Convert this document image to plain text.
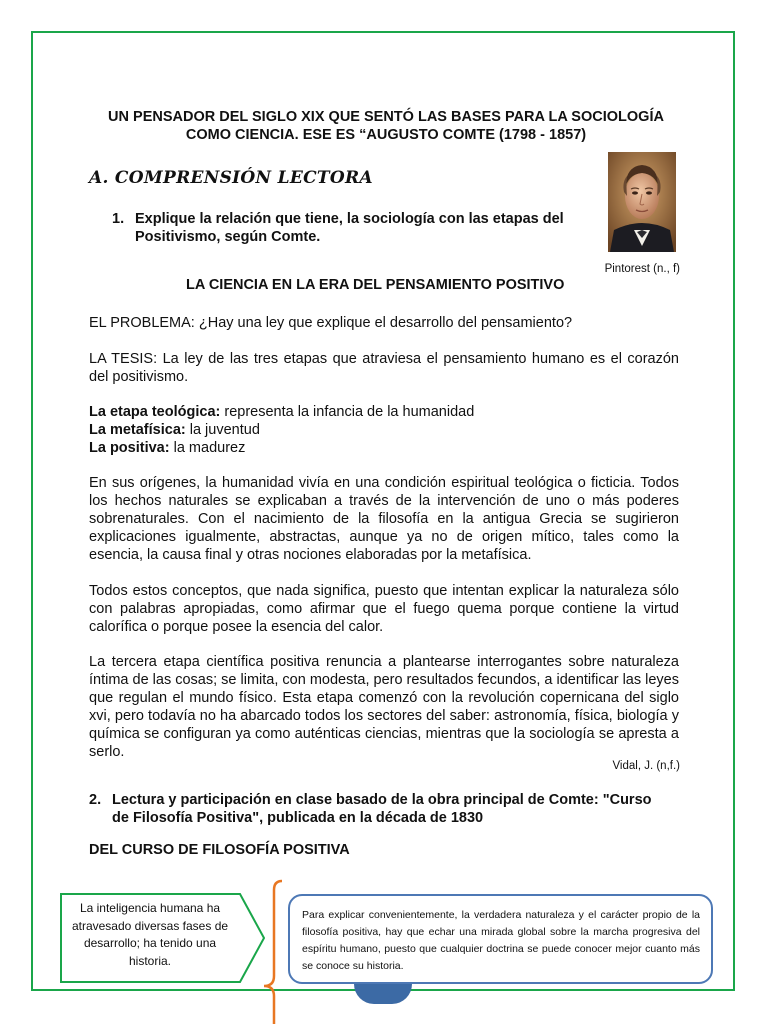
UN PENSADOR DEL SIGLO XIX QUE SENTÓ LAS BASES PARA LA SOCIOLOGÍA
COMO CIENCIA. ESE ES “AUGUSTO COMTE (1798 - 1857)
A. COMPRENSIÓN LECTORA
Pintorest (n., f)
1. Explique la relación que tiene, la sociología con las etapas del
Positivismo, según Comte.
LA CIENCIA EN LA ERA DEL PENSAMIENTO POSITIVO

EL PROBLEMA: ¿Hay una ley que explique el desarrollo del pensamiento?

LA TESIS: La ley de las tres etapas que atraviesa el pensamiento humano es el corazón del positivismo.

La etapa teológica: representa la infancia de la humanidad
La metafísica: la juventud
La positiva: la madurez

En sus orígenes, la humanidad vivía en una condición espiritual teológica o ficticia. Todos los hechos naturales se explicaban a través de la intervención de uno o más poderes sobrenaturales. Con el nacimiento de la filosofía en la antigua Grecia se sugirieron explicaciones igualmente, abstractas, aunque ya no de origen mítico, tales como la esencia, la causa final y otras nociones elaboradas por la metafísica.

Todos estos conceptos, que nada significa, puesto que intentan explicar la naturaleza sólo con palabras apropiadas, como afirmar que el fuego quema porque contiene la virtud calorífica o porque posee la esencia del calor.

La tercera etapa científica positiva renuncia a plantearse interrogantes sobre naturaleza íntima de las cosas; se limita, con modesta, pero resultados fecundos, a identificar las leyes que regulan el mundo físico. Esta etapa comenzó con la revolución copernicana del siglo xvi, pero todavía no ha abarcado todos los sectores del saber: astronomía, física, biología y química se configuran ya como auténticas ciencias, mientras que la sociología se apresta a serlo.

Vidal, J. (n,f.)
2. Lectura y participación en clase basado de la obra principal de Comte: "Curso
de Filosofía Positiva", publicada en la década de 1830
DEL CURSO DE FILOSOFÍA POSITIVA
La inteligencia humana ha atravesado diversas fases de desarrollo; ha tenido una historia.
Para explicar convenientemente, la verdadera naturaleza y el carácter propio de la filosofía positiva, hay que echar una mirada global sobre la marcha progresiva del espíritu humano, puesto que cualquier doctrina se puede conocer mejor cuanto más se conoce su historia.
